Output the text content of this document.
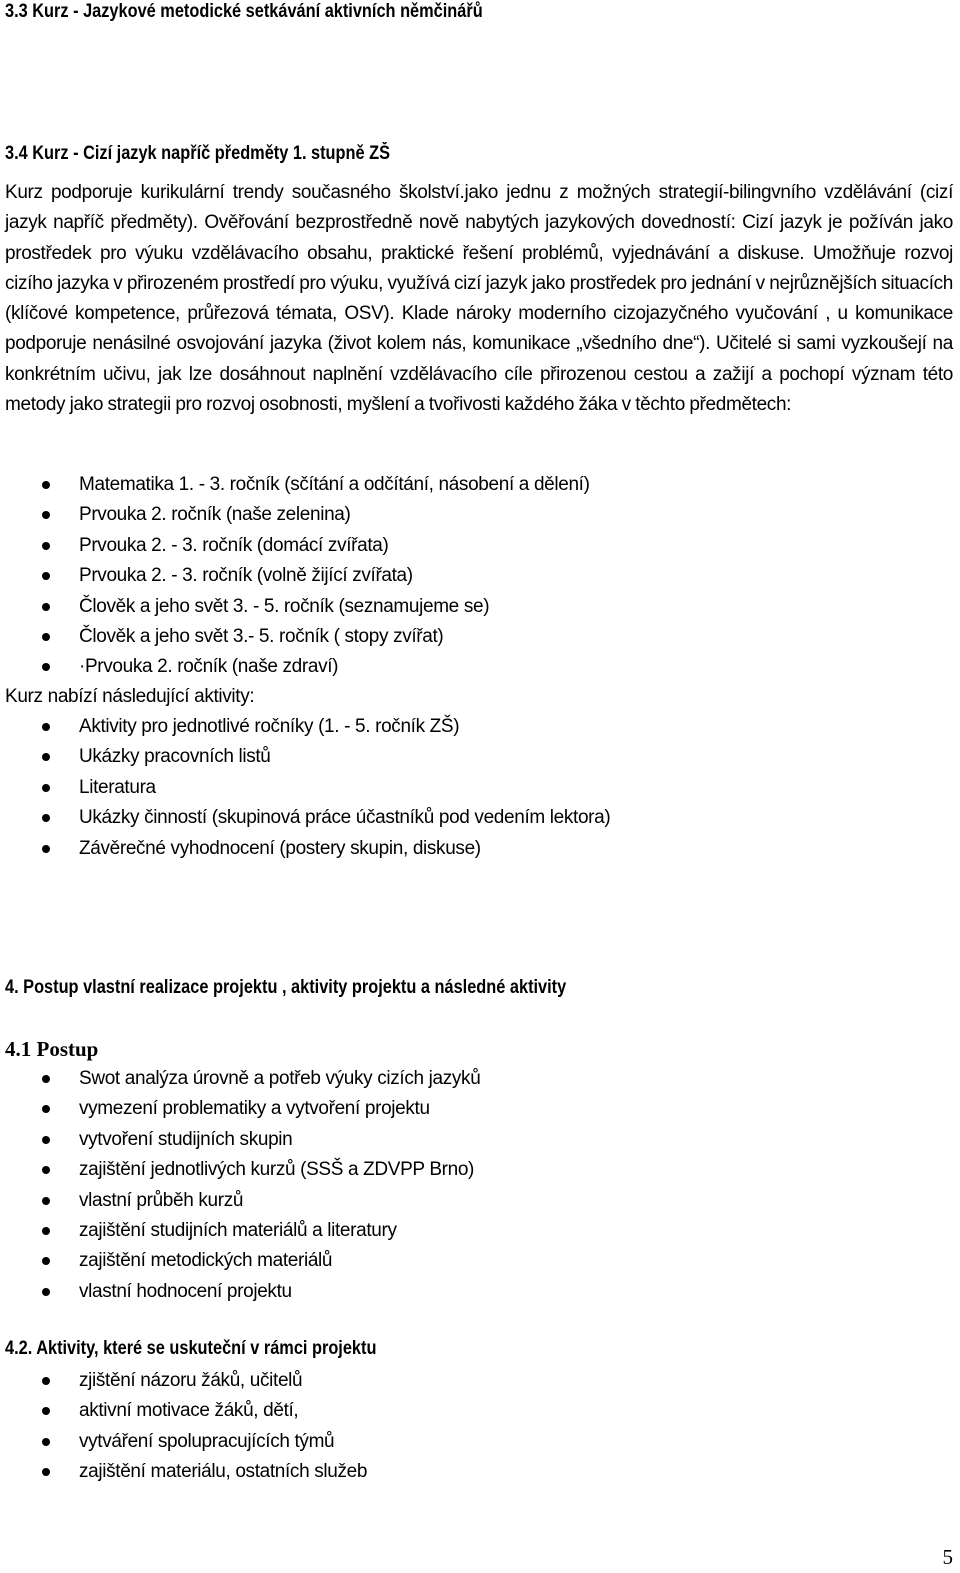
3.3 Kurz - Jazykové metodické setkávání aktivních němčinářů
3.4 Kurz - Cizí jazyk napříč předměty 1. stupně ZŠ
Kurz podporuje kurikulární trendy současného školství.jako jednu z možných strategií-bilingvního vzdělávání (cizí jazyk napříč předměty). Ověřování bezprostředně nově nabytých jazykových dovedností: Cizí jazyk je požíván jako prostředek pro výuku vzdělávacího obsahu, praktické řešení problémů, vyjednávání a diskuse. Umožňuje rozvoj cizího jazyka v přirozeném prostředí pro výuku, využívá cizí jazyk jako prostředek pro jednání v nejrůznějších situacích (klíčové kompetence, průřezová témata, OSV). Klade nároky moderního cizojazyčného vyučování , u komunikace podporuje nenásilné osvojování jazyka (život kolem nás, komunikace „všedního dne“). Učitelé si sami vyzkoušejí na konkrétním učivu, jak lze dosáhnout naplnění vzdělávacího cíle přirozenou cestou a zažijí a pochopí význam této metody jako strategii pro rozvoj osobnosti, myšlení a tvořivosti každého žáka v těchto předmětech:
Matematika 1. - 3. ročník (sčítání a odčítání, násobení a dělení)
Prvouka 2. ročník (naše zelenina)
Prvouka 2. - 3. ročník (domácí zvířata)
Prvouka 2. - 3. ročník (volně žijící zvířata)
Člověk a jeho svět 3. - 5. ročník (seznamujeme se)
Člověk a jeho svět 3.- 5. ročník ( stopy zvířat)
·Prvouka 2. ročník (naše zdraví)
Kurz nabízí následující aktivity:
Aktivity pro jednotlivé ročníky (1. - 5. ročník ZŠ)
Ukázky pracovních listů
Literatura
Ukázky činností (skupinová práce účastníků pod vedením lektora)
Závěrečné vyhodnocení (postery skupin, diskuse)
4. Postup vlastní realizace projektu , aktivity projektu a následné aktivity
4.1 Postup
Swot analýza úrovně a potřeb výuky cizích jazyků
vymezení problematiky a vytvoření projektu
vytvoření studijních skupin
zajištění jednotlivých kurzů (SSŠ a ZDVPP Brno)
vlastní průběh kurzů
zajištění studijních materiálů a literatury
zajištění metodických materiálů
vlastní hodnocení projektu
4.2. Aktivity, které se uskuteční v rámci projektu
zjištění názoru žáků, učitelů
aktivní motivace žáků, dětí,
vytváření spolupracujících týmů
zajištění materiálu, ostatních služeb
5
